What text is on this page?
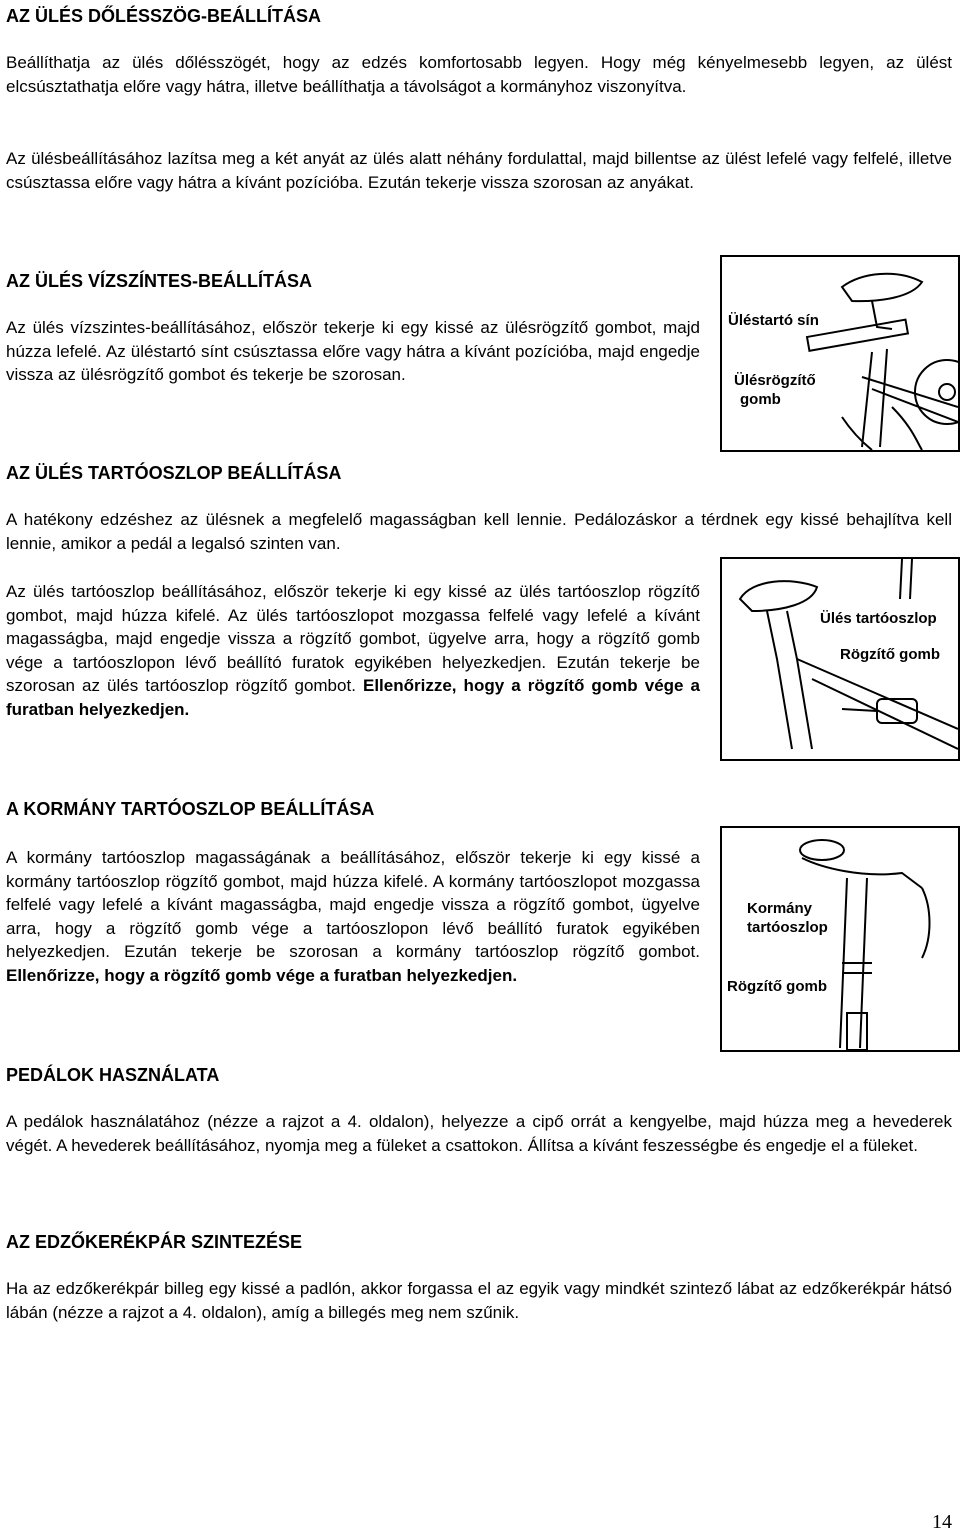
AZ ÜLÉS DŐLÉSSZÖG-BEÁLLÍTÁSA

Beállíthatja az ülés dőlésszögét, hogy az edzés komfortosabb legyen. Hogy még kényelmesebb legyen, az ülést elcsúsztathatja előre vagy hátra, illetve beállíthatja a távolságot a kormányhoz viszonyítva.

Az ülésbeállításához lazítsa meg a két anyát az ülés alatt néhány fordulattal, majd billentse az ülést lefelé vagy felfelé, illetve csúsztassa előre vagy hátra a kívánt pozícióba. Ezután tekerje vissza szorosan az anyákat.

AZ ÜLÉS VÍZSZÍNTES-BEÁLLÍTÁSA

Az ülés vízszintes-beállításához, először tekerje ki egy kissé az ülésrögzítő gombot, majd húzza lefelé. Az üléstartó sínt csúsztassa előre vagy hátra a kívánt pozícióba, majd engedje vissza az ülésrögzítő gombot és tekerje be szorosan.

Üléstartó sín
Ülésrögzítő
gomb
AZ ÜLÉS TARTÓOSZLOP BEÁLLÍTÁSA

A hatékony edzéshez az ülésnek a megfelelő magasságban kell lennie. Pedálozáskor a térdnek egy kissé behajlítva kell lennie, amikor a pedál a legalsó szinten van.

Az ülés tartóoszlop beállításához, először tekerje ki egy kissé az ülés tartóoszlop rögzítő gombot, majd húzza kifelé. Az ülés tartóoszlopot mozgassa felfelé vagy lefelé a kívánt magasságba, majd engedje vissza a rögzítő gombot, ügyelve arra, hogy a rögzítő gomb vége a tartóoszlopon lévő beállító furatok egyikében helyezkedjen. Ezután tekerje be szorosan az ülés tartóoszlop rögzítő gombot. Ellenőrizze, hogy a rögzítő gomb vége a furatban helyezkedjen.

Ülés tartóoszlop
Rögzítő gomb
A KORMÁNY TARTÓOSZLOP BEÁLLÍTÁSA

A kormány tartóoszlop magasságának a beállításához, először tekerje ki egy kissé a kormány tartóoszlop rögzítő gombot, majd húzza kifelé. A kormány tartóoszlopot mozgassa felfelé vagy lefelé a kívánt magasságba, majd engedje vissza a rögzítő gombot, ügyelve arra, hogy a rögzítő gomb vége a tartóoszlopon lévő beállító furatok egyikében helyezkedjen. Ezután tekerje be szorosan a kormány tartóoszlop rögzítő gombot. Ellenőrizze, hogy a rögzítő gomb vége a furatban helyezkedjen.

Kormány
tartóoszlop
Rögzítő gomb
PEDÁLOK HASZNÁLATA

A pedálok használatához (nézze a rajzot a 4. oldalon), helyezze a cipő orrát a kengyelbe, majd húzza meg a hevederek végét. A hevederek beállításához, nyomja meg a füleket a csattokon. Állítsa a kívánt feszességbe és engedje el a füleket.

AZ EDZŐKERÉKPÁR SZINTEZÉSE

Ha az edzőkerékpár billeg egy kissé a padlón, akkor forgassa el az egyik vagy mindkét szintező lábat az edzőkerékpár hátsó lábán (nézze a rajzot a 4. oldalon), amíg a billegés meg nem szűnik.

14
